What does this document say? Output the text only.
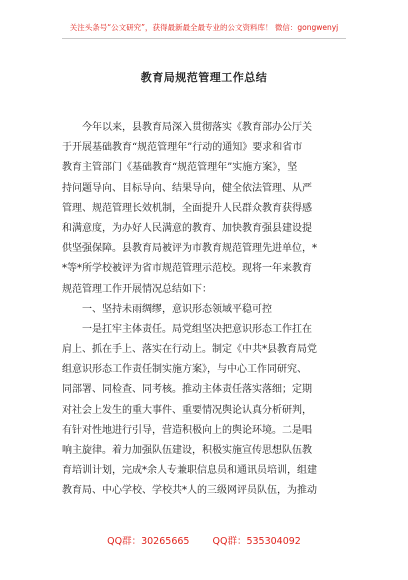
关注头条号“公文研究”，获得最新最全最专业的公文资料库！ 微信：gongwenyj
教育局规范管理工作总结
今年以来，县教育局深入贯彻落实《教育部办公厅关
于开展基础教育“规范管理年”行动的通知》要求和省市
教育主管部门《基础教育“规范管理年”实施方案》，坚
持问题导向、目标导向、结果导向，健全依法管理、从严
管理、规范管理长效机制，全面提升人民群众教育获得感
和满意度，为办好人民满意的教育、加快教育强县建设提
供坚强保障。县教育局被评为市教育规范管理先进单位，*
*等*所学校被评为省市规范管理示范校。现将一年来教育
规范管理工作开展情况总结如下：
一、坚持未雨绸缪，意识形态领域平稳可控
一是扛牢主体责任。局党组坚决把意识形态工作扛在
肩上、抓在手上、落实在行动上。制定《中共*县教育局党
组意识形态工作责任制实施方案》，与中心工作同研究、
同部署、同检查、同考核。推动主体责任落实落细；定期
对社会上发生的重大事件、重要情况舆论认真分析研判，
有针对性地进行引导，营造积极向上的舆论环境。二是唱
响主旋律。着力加强队伍建设，积极实施宣传思想队伍教
育培训计划，完成*余人专兼职信息员和通讯员培训，组建
教育局、中心学校、学校共*人的三级网评员队伍，为推动
QQ群：30265665 QQ群：535304092
